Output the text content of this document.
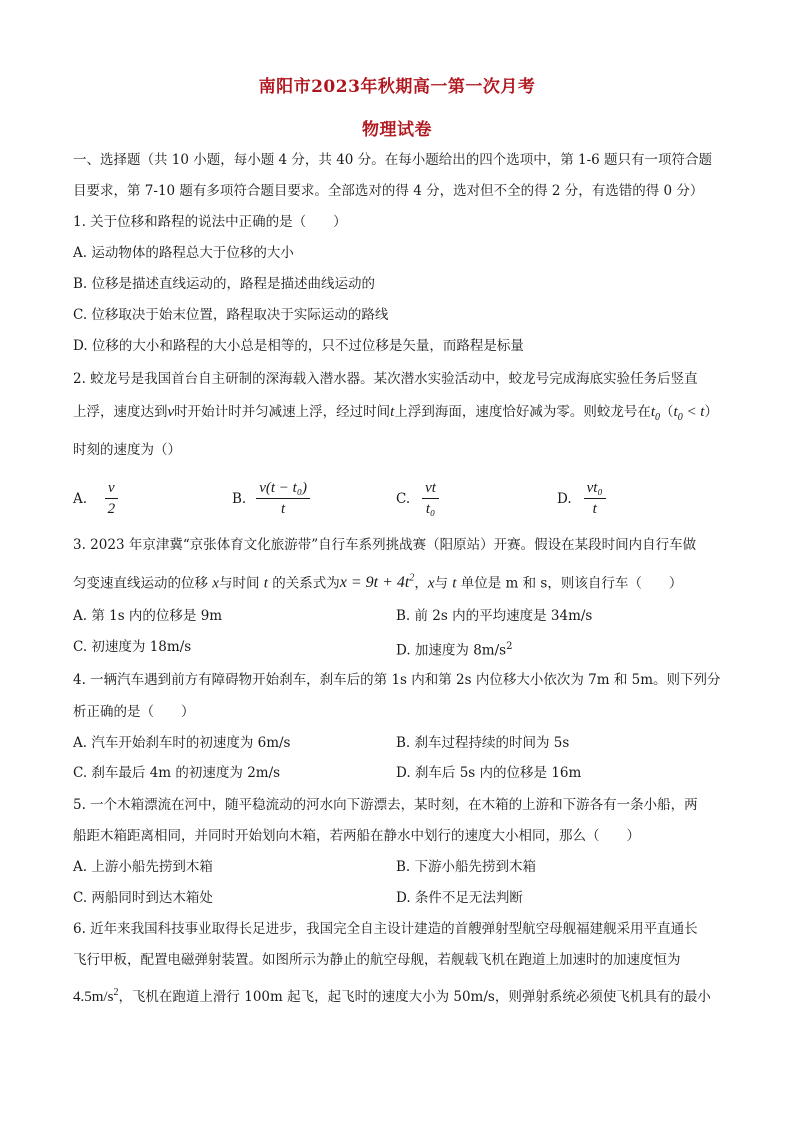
南阳市2023年秋期高一第一次月考
物理试卷
一、选择题（共 10 小题，每小题 4 分，共 40 分。在每小题给出的四个选项中，第 1-6 题只有一项符合题
目要求，第 7-10 题有多项符合题目要求。全部选对的得 4 分，选对但不全的得 2 分，有选错的得 0 分）
1. 关于位移和路程的说法中正确的是（　　）
A. 运动物体的路程总大于位移的大小
B. 位移是描述直线运动的，路程是描述曲线运动的
C. 位移取决于始末位置，路程取决于实际运动的路线
D. 位移的大小和路程的大小总是相等的，只不过位移是矢量，而路程是标量
2. 蛟龙号是我国首台自主研制的深海载入潜水器。某次潜水实验活动中，蛟龙号完成海底实验任务后竖直
上浮，速度达到v时开始计时并匀减速上浮，经过时间t上浮到海面，速度恰好减为零。则蛟龙号在$t_0(t_0 < t)$
时刻的速度为（）
A. $\frac{v}{2}$	B. $\frac{\text{v(t − t₀)}}{t}$	C. $\frac{vt}{\text{t₀}}$	D. $\frac{\text{vt₀}}{t}$
3. 2023 年京津冀“京张体育文化旅游带”自行车系列挑战赛（阳原站）开赛。假设在某段时间内自行车做
匀变速直线运动的位移 x与时间 t 的关系式为$x = 9t + 4t^2$，x与 t 单位是 m 和 s，则该自行车（　　）
A. 第 1s 内的位移是 9m	B. 前 2s 内的平均速度是 34m/s
C. 初速度为 18m/s	D. 加速度为 $8m/s^2$
4. 一辆汽车遇到前方有障碍物开始刹车，刹车后的第 1s 内和第 2s 内位移大小依次为 7m 和 5m。则下列分
析正确的是（　　）
A. 汽车开始刹车时的初速度为 6m/s	B. 刹车过程持续的时间为 5s
C. 刹车最后 4m 的初速度为 2m/s	D. 刹车后 5s 内的位移是 16m
5. 一个木箱漂流在河中，随平稳流动的河水向下游漂去，某时刻，在木箱的上游和下游各有一条小船，两
船距木箱距离相同，并同时开始划向木箱，若两船在静水中划行的速度大小相同，那么（　　）
A. 上游小船先捞到木箱	B. 下游小船先捞到木箱
C. 两船同时到达木箱处	D. 条件不足无法判断
6. 近年来我国科技事业取得长足进步，我国完全自主设计建造的首艘弹射型航空母舰福建舰采用平直通长
飞行甲板，配置电磁弹射装置。如图所示为静止的航空母舰，若舰载飞机在跑道上加速时的加速度恒为
$4.5m/s^2$，飞机在跑道上滑行 100m 起飞，起飞时的速度大小为 50m/s，则弹射系统必须使飞机具有的最小
